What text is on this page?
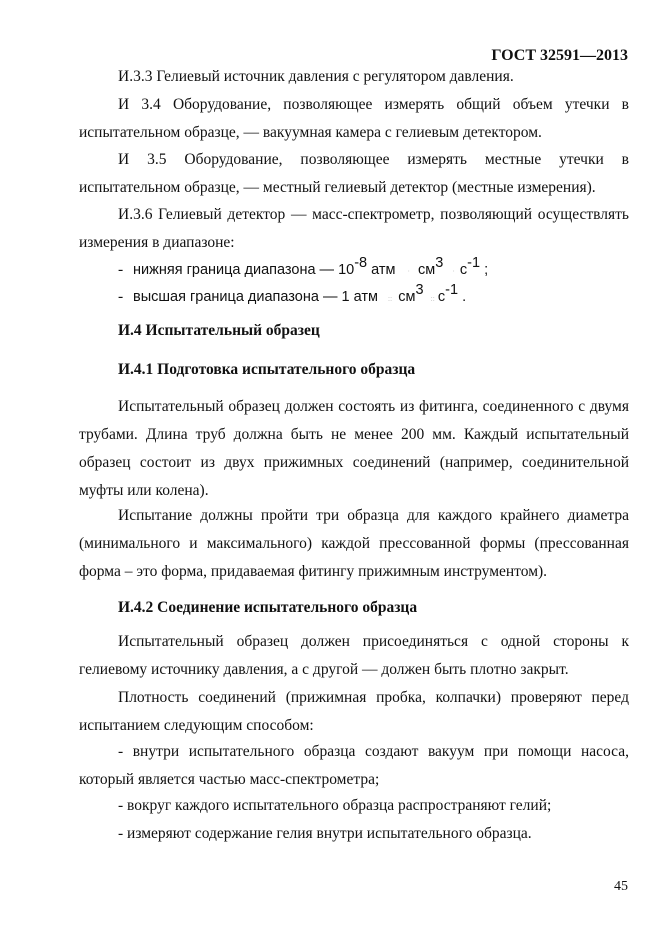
ГОСТ 32591—2013
И.3.3 Гелиевый источник давления с регулятором давления.
И 3.4 Оборудование, позволяющее измерять общий объем утечки в испытательном образце, — вакуумная камера с гелиевым детектором.
И 3.5 Оборудование, позволяющее измерять местные утечки в испытательном образце, — местный гелиевый детектор (местные измерения).
И.3.6 Гелиевый детектор — масс-спектрометр, позволяющий осуществлять измерения в диапазоне:
- нижняя граница диапазона — $10^{-8}$ атм · $см^3 \cdot с^{-1}$ ;
- высшая граница диапазона — 1 атм :: $см^3$ :: $с^{-1}$ .
И.4 Испытательный образец
И.4.1 Подготовка испытательного образца
Испытательный образец должен состоять из фитинга, соединенного с двумя трубами. Длина труб должна быть не менее 200 мм. Каждый испытательный образец состоит из двух прижимных соединений (например, соединительной муфты или колена).
Испытание должны пройти три образца для каждого крайнего диаметра (минимального и максимального) каждой прессованной формы (прессованная форма – это форма, придаваемая фитингу прижимным инструментом).
И.4.2 Соединение испытательного образца
Испытательный образец должен присоединяться с одной стороны к гелиевому источнику давления, а с другой — должен быть плотно закрыт.
Плотность соединений (прижимная пробка, колпачки) проверяют перед испытанием следующим способом:
- внутри испытательного образца создают вакуум при помощи насоса, который является частью масс-спектрометра;
- вокруг каждого испытательного образца распространяют гелий;
- измеряют содержание гелия внутри испытательного образца.
45
